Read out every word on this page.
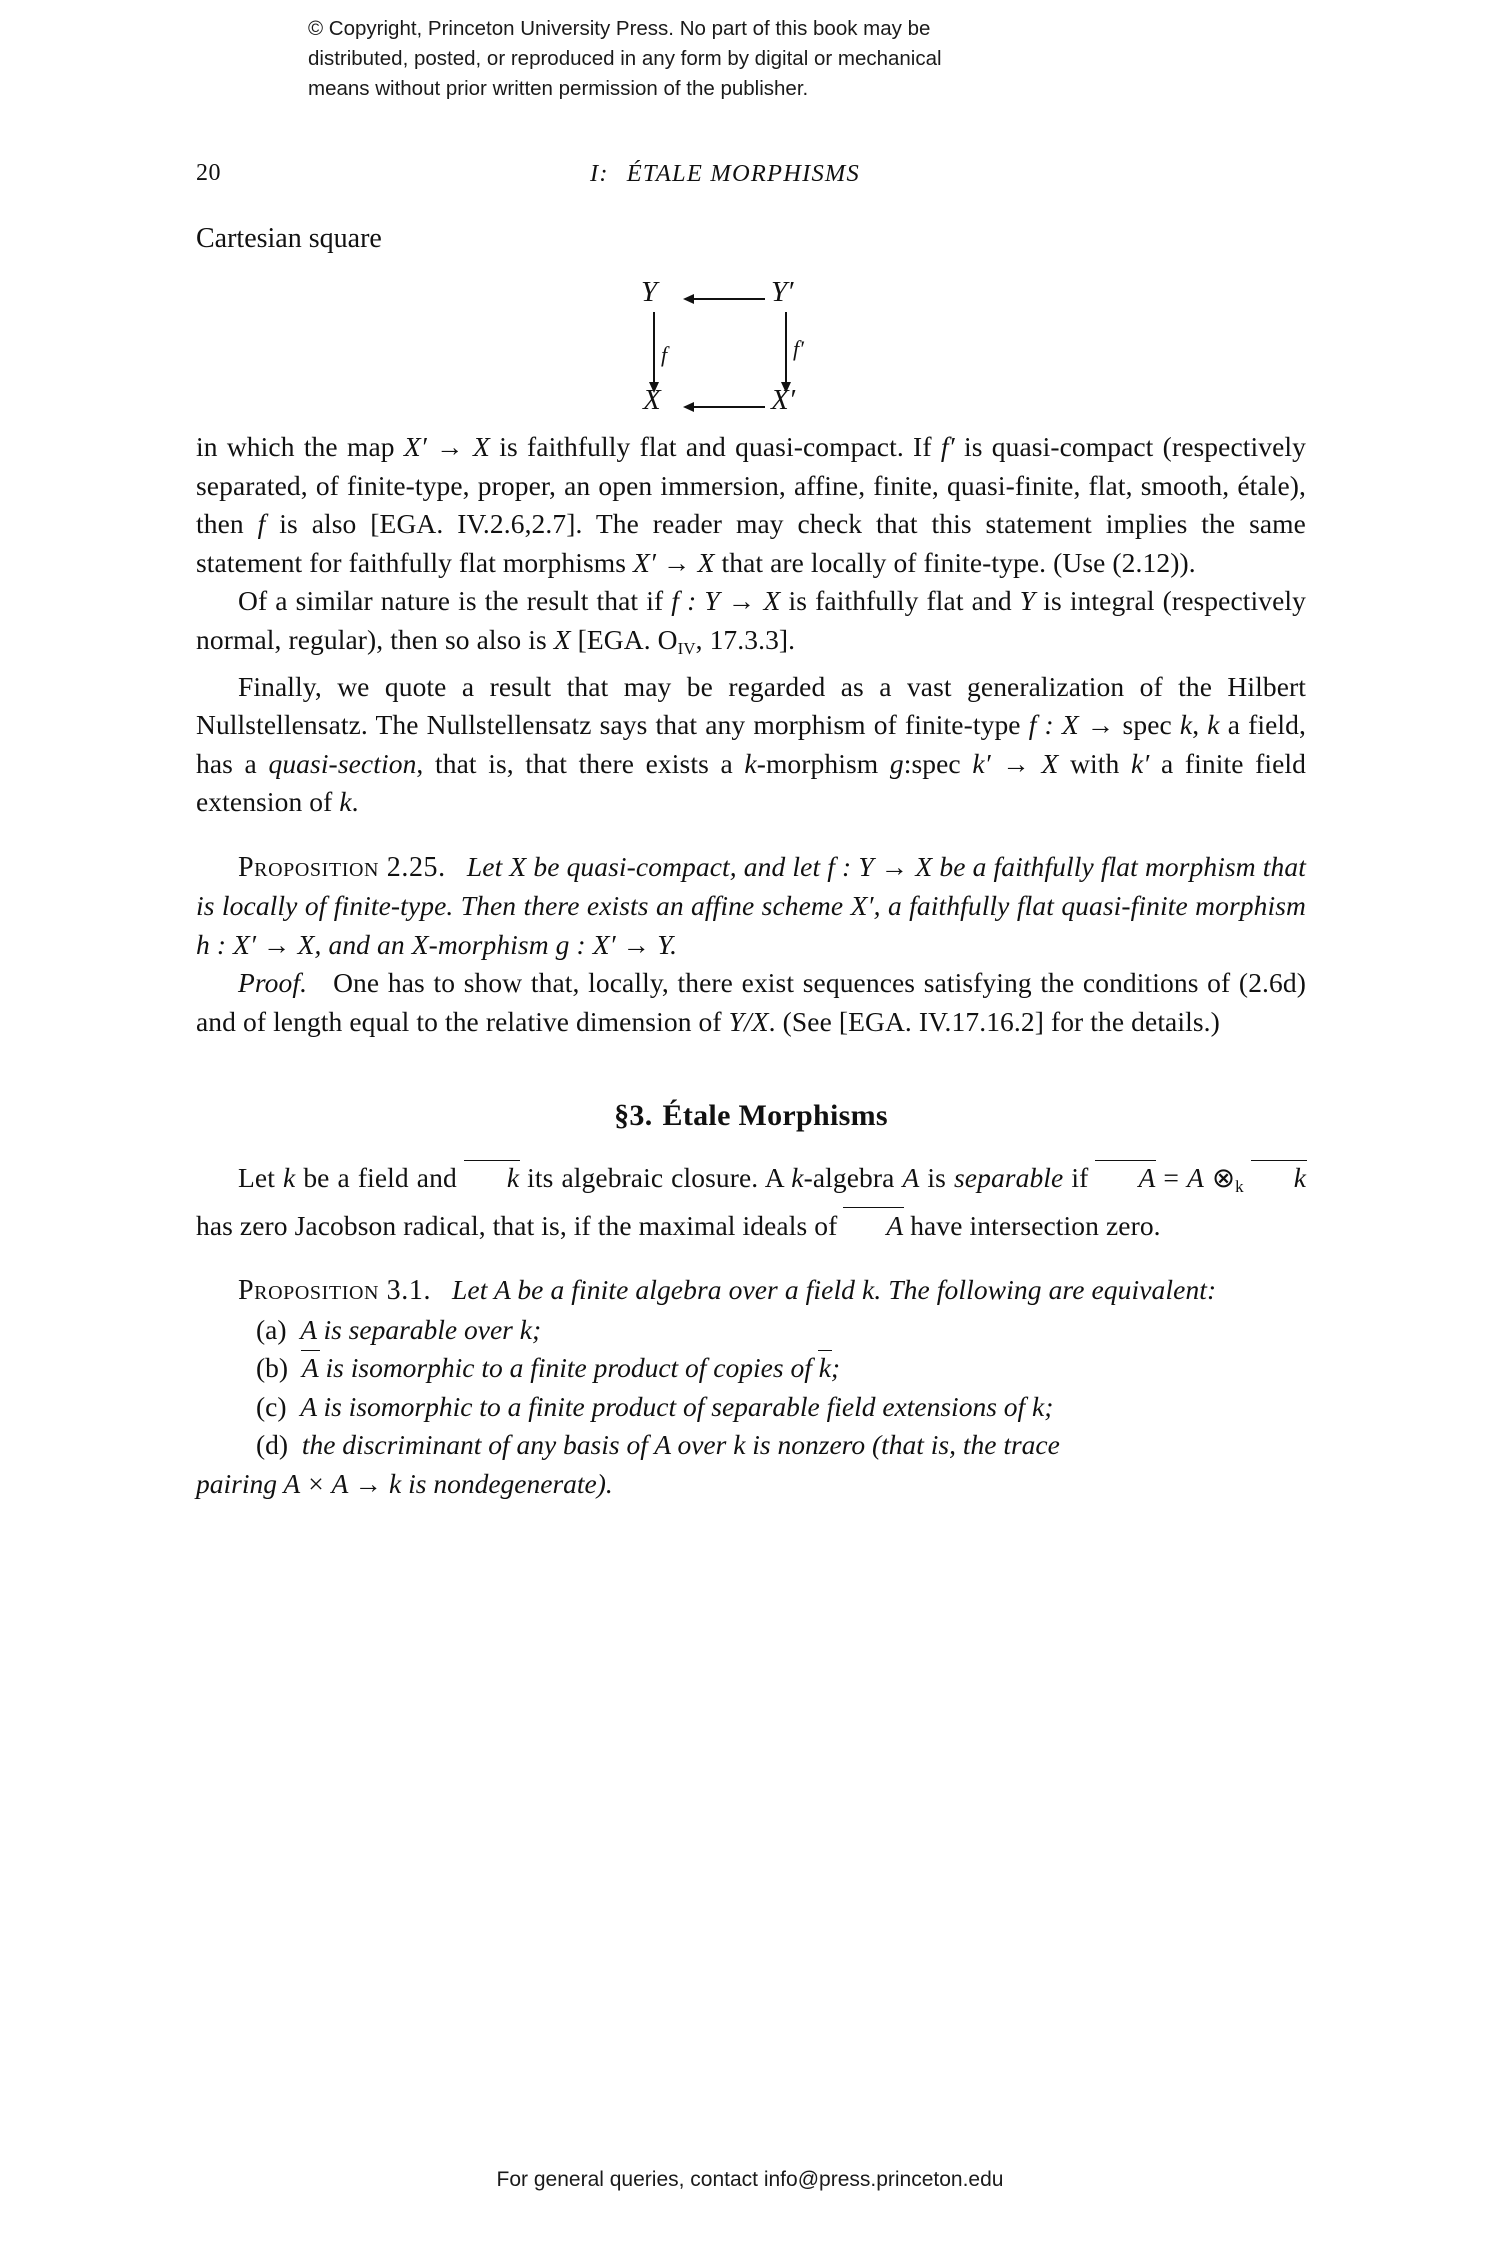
© Copyright, Princeton University Press. No part of this book may be
distributed, posted, or reproduced in any form by digital or mechanical
means without prior written permission of the publisher.
20	I: ÉTALE MORPHISMS
Cartesian square
Y	Y′
X	X′
f	f′

in which the map X′ → X is faithfully flat and quasi-compact. If f′ is quasi-compact (respectively separated, of finite-type, proper, an open immersion, affine, finite, quasi-finite, flat, smooth, étale), then f is also [EGA. IV.2.6,2.7]. The reader may check that this statement implies the same statement for faithfully flat morphisms X′ → X that are locally of finite-type. (Use (2.12)).

Of a similar nature is the result that if f : Y → X is faithfully flat and Y is integral (respectively normal, regular), then so also is X [EGA. $O_{IV}$, 17.3.3].

Finally, we quote a result that may be regarded as a vast generalization of the Hilbert Nullstellensatz. The Nullstellensatz says that any morphism of finite-type f : X → spec k, k a field, has a quasi-section, that is, that there exists a k-morphism g:spec k′ → X with k′ a finite field extension of k.

Proposition 2.25. Let X be quasi-compact, and let f : Y → X be a faithfully flat morphism that is locally of finite-type. Then there exists an affine scheme X′, a faithfully flat quasi-finite morphism h : X′ → X, and an X-morphism g : X′ → Y.

Proof. One has to show that, locally, there exist sequences satisfying the conditions of (2.6d) and of length equal to the relative dimension of Y/X. (See [EGA. IV.17.16.2] for the details.)

§3. Étale Morphisms

Let k be a field and k its algebraic closure. A k-algebra A is separable if A = A $\otimes_k$ k has zero Jacobson radical, that is, if the maximal ideals of A have intersection zero.

Proposition 3.1. Let A be a finite algebra over a field k. The following are equivalent:

(a) A is separable over k;
(b) A is isomorphic to a finite product of copies of k;
(c) A is isomorphic to a finite product of separable field extensions of k;
(d) the discriminant of any basis of A over k is nonzero (that is, the trace
pairing A × A → k is nondegenerate).
For general queries, contact info@press.princeton.edu
